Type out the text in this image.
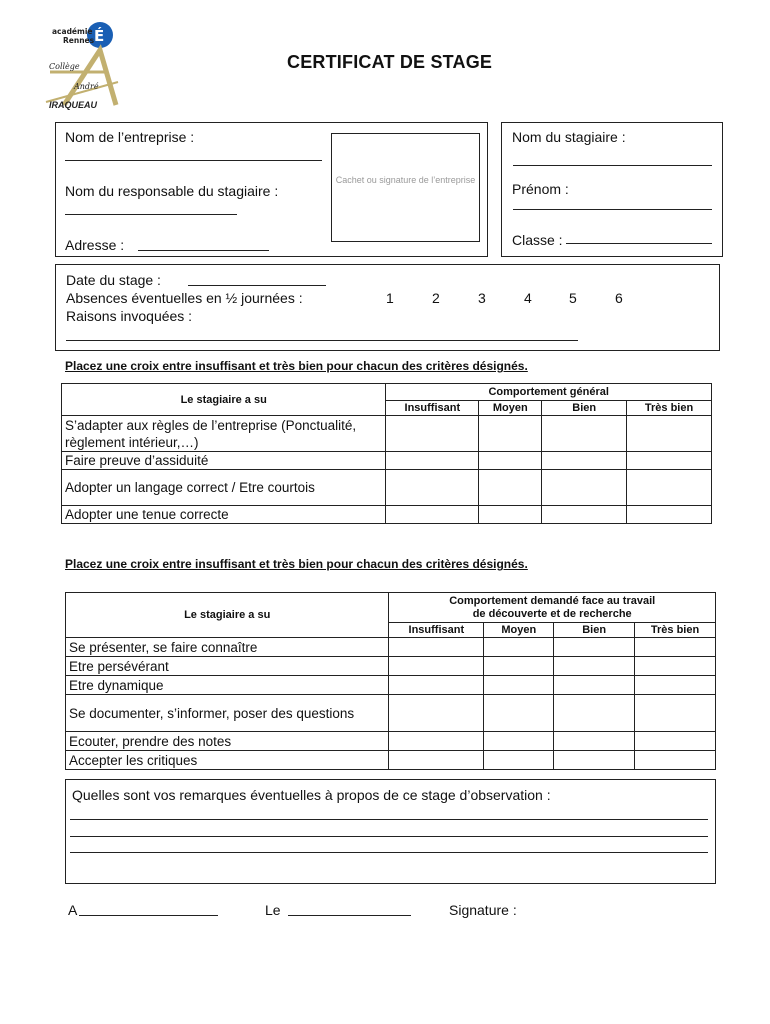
académie
Rennes É
Collège
André
IRAQUEAU
CERTIFICAT DE STAGE
Nom de l’entreprise :
Nom du responsable du stagiaire :
Adresse :
Cachet ou signature de l’entreprise
Nom du stagiaire :
Prénom :
Classe :
Date du stage :
Absences éventuelles en ½ journées :	1	2	3	4	5	6
Raisons invoquées :
Placez une croix entre insuffisant et très bien pour chacun des critères désignés.
Le stagiaire a su	Comportement général			
	Insuffisant	Moyen	Bien	Très bien
S’adapter aux règles de l’entreprise (Ponctualité, règlement intérieur,…)				
Faire preuve d’assiduité				
Adopter un langage correct / Etre courtois				
Adopter une tenue correcte				
Placez une croix entre insuffisant et très bien pour chacun des critères désignés.
Le stagiaire a su	Comportement demandé face au travail
de découverte et de recherche			
	Insuffisant	Moyen	Bien	Très bien
Se présenter, se faire connaître				
Etre persévérant				
Etre dynamique				
Se documenter, s’informer, poser des questions				
Ecouter, prendre des notes				
Accepter les critiques				
Quelles sont vos remarques éventuelles à propos de ce stage d’observation :
A	Le	Signature :
